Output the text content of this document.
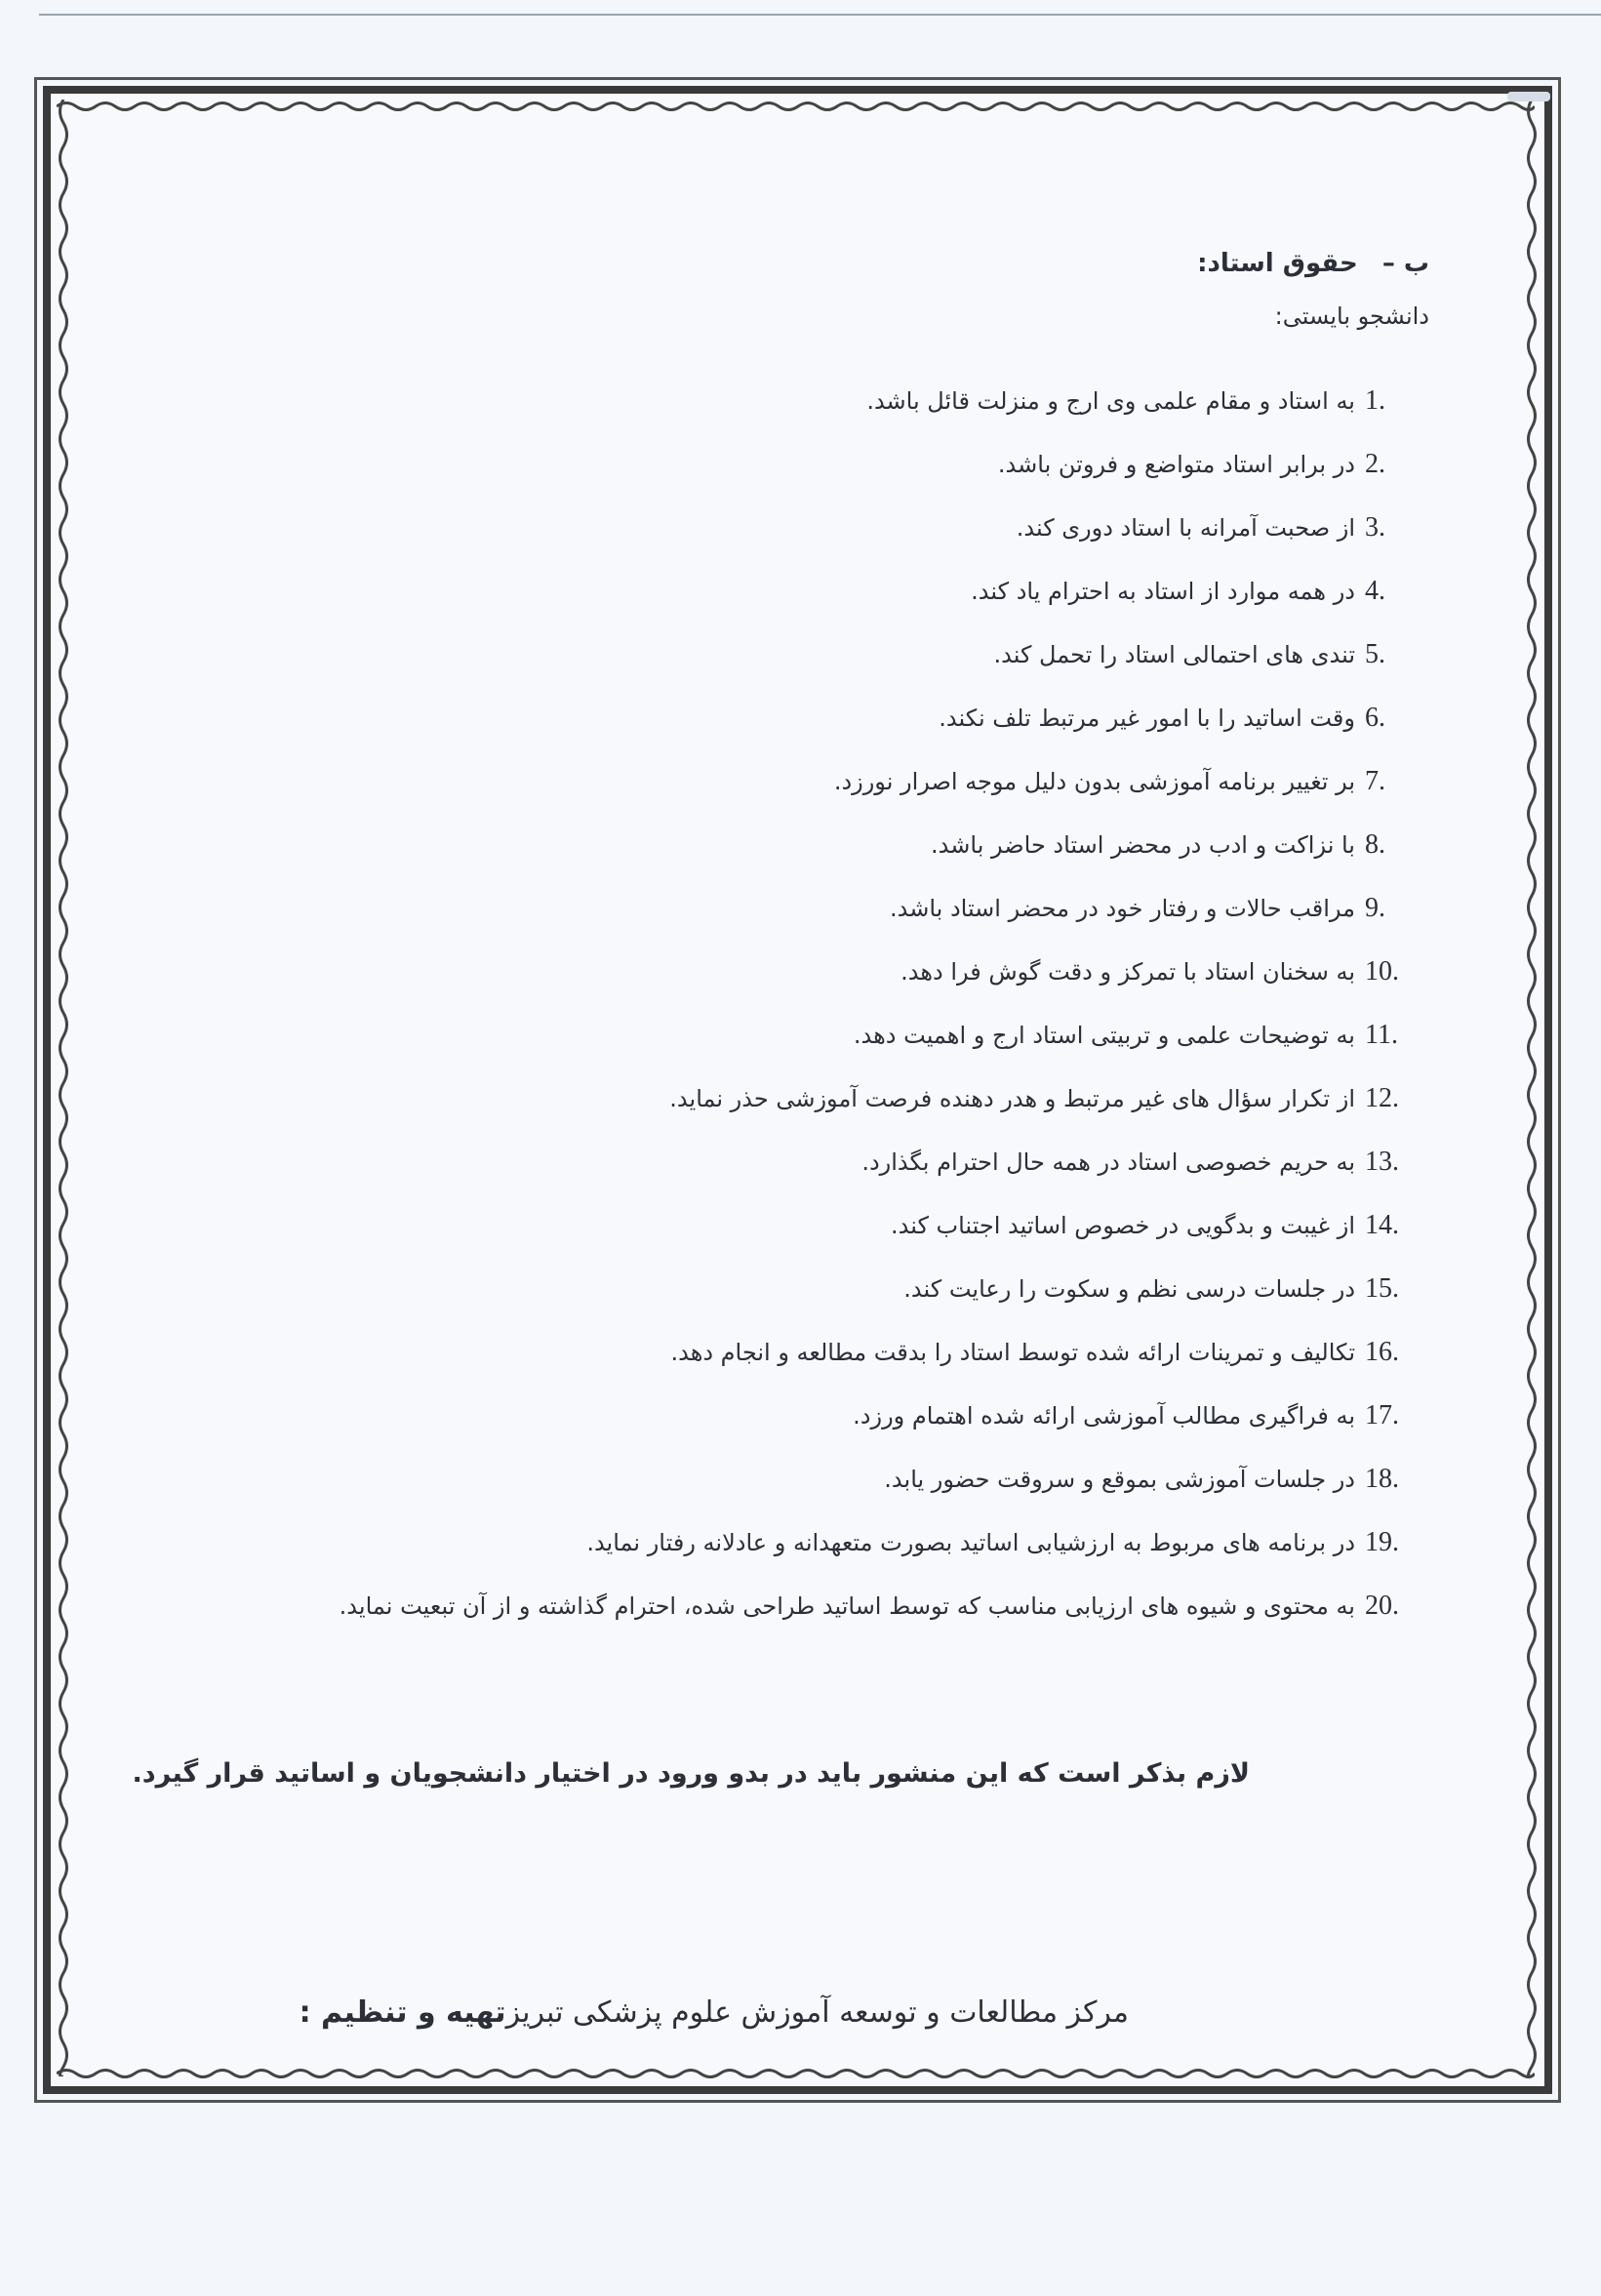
ب – حقوق استاد:
دانشجو بایستی:
1.
به استاد و مقام علمی وی ارج و منزلت قائل باشد.
2.
در برابر استاد متواضع و فروتن باشد.
3.
از صحبت آمرانه با استاد دوری کند.
4.
در همه موارد از استاد به احترام یاد کند.
5.
تندی های احتمالی استاد را تحمل کند.
6.
وقت اساتید را با امور غیر مرتبط تلف نکند.
7.
بر تغییر برنامه آموزشی بدون دلیل موجه اصرار نورزد.
8.
با نزاکت و ادب در محضر استاد حاضر باشد.
9.
مراقب حالات و رفتار خود در محضر استاد باشد.
10.
به سخنان استاد با تمرکز و دقت گوش فرا دهد.
11.
به توضیحات علمی و تربیتی استاد ارج و اهمیت دهد.
12.
از تکرار سؤال های غیر مرتبط و هدر دهنده فرصت آموزشی حذر نماید.
13.
به حریم خصوصی استاد در همه حال احترام بگذارد.
14.
از غیبت و بدگویی در خصوص اساتید اجتناب کند.
15.
در جلسات درسی نظم و سکوت را رعایت کند.
16.
تکالیف و تمرینات ارائه شده توسط استاد را بدقت مطالعه و انجام دهد.
17.
به فراگیری مطالب آموزشی ارائه شده اهتمام ورزد.
18.
در جلسات آموزشی بموقع و سروقت حضور یابد.
19.
در برنامه های مربوط به ارزشیابی اساتید بصورت متعهدانه و عادلانه رفتار نماید.
20.
به محتوی و شیوه های ارزیابی مناسب که توسط اساتید طراحی شده، احترام گذاشته و از آن تبعیت نماید.
لازم بذکر است که این منشور باید در بدو ورود در اختیار دانشجویان و اساتید قرار گیرد.
تهیه و تنظیم : مرکز مطالعات و توسعه آموزش علوم پزشکی تبریز
